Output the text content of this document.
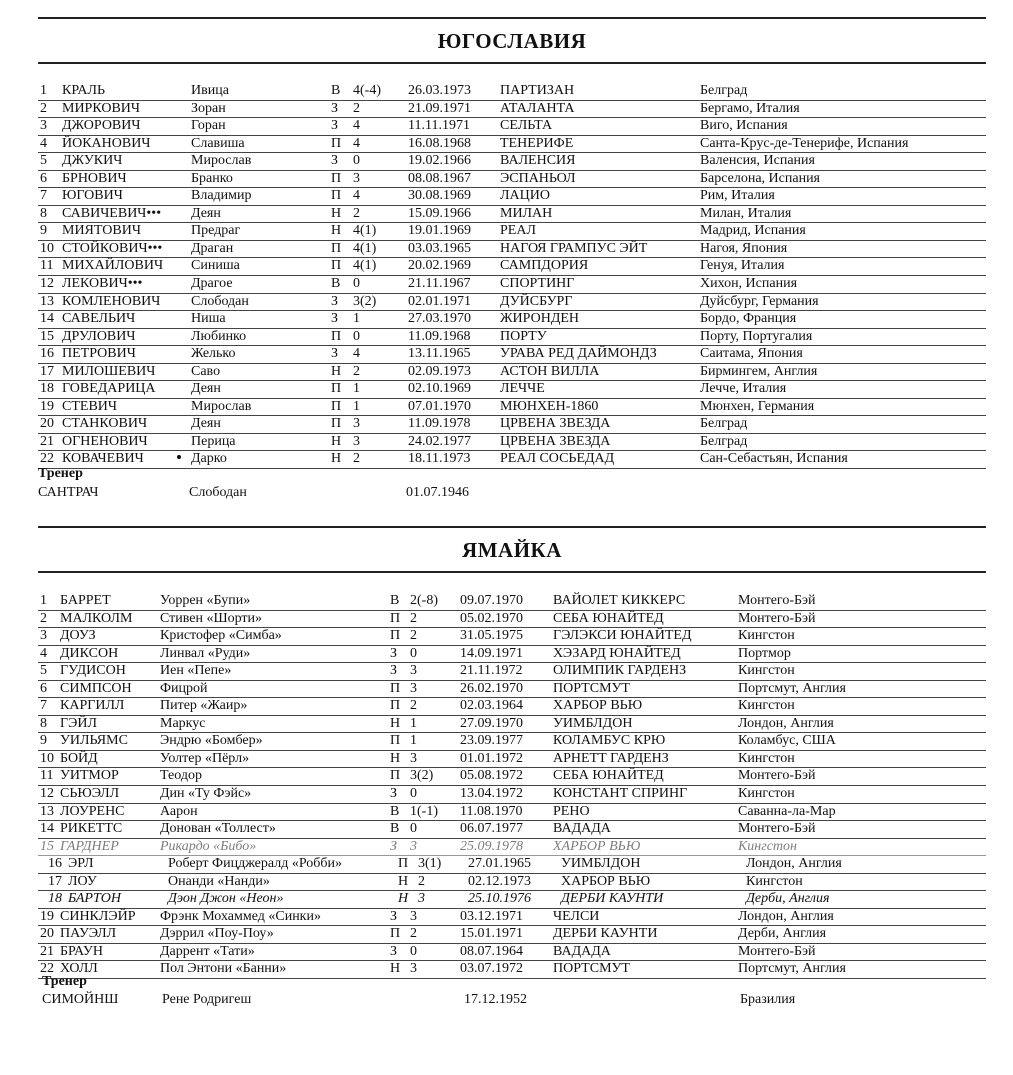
ЮГОСЛАВИЯ
1 КРАЛЬ	Ивица	В 4(-4) 26.03.1973 ПАРТИЗАН	Белград
2 МИРКОВИЧ	Зоран	З 2	21.09.1971 АТАЛАНТА	Бергамо, Италия
3 ДЖОРОВИЧ	Горан	З 4	11.11.1971 СЕЛЬТА	Виго, Испания
4 ЙОКАНОВИЧ	Славиша	П 4	16.08.1968 ТЕНЕРИФЕ	Санта-Крус-де-Тенерифе, Испания
5 ДЖУКИЧ	Мирослав	З 0	19.02.1966 ВАЛЕНСИЯ	Валенсия, Испания
6 БРНОВИЧ	Бранко	П 3	08.08.1967 ЭСПАНЬОЛ	Барселона, Испания
7 ЮГОВИЧ	Владимир	П 4	30.08.1969 ЛАЦИО	Рим, Италия
8 САВИЧЕВИЧ••• Деян	Н 2	15.09.1966 МИЛАН	Милан, Италия
9 МИЯТОВИЧ	Предраг	Н 4(1) 19.01.1969 РЕАЛ	Мадрид, Испания
10 СТОЙКОВИЧ••• Драган	П 4(1) 03.03.1965 НАГОЯ ГРАМПУС ЭЙТ	Нагоя, Япония
11 МИХАЙЛОВИЧ Синиша	П 4(1) 20.02.1969 САМПДОРИЯ	Генуя, Италия
12 ЛЕКОВИЧ•••	Драгое	В 0	21.11.1967 СПОРТИНГ	Хихон, Испания
13 КОМЛЕНОВИЧ Слободан	З 3(2) 02.01.1971 ДУЙСБУРГ	Дуйсбург, Германия
14 САВЕЛЬИЧ	Ниша	З 1	27.03.1970 ЖИРОНДЕН	Бордо, Франция
15 ДРУЛОВИЧ	Любинко	П 0	11.09.1968 ПОРТУ	Порту, Португалия
16 ПЕТРОВИЧ	Желько	З 4	13.11.1965 УРАВА РЕД ДАЙМОНДЗ	Саитама, Япония
17 МИЛОШЕВИЧ	Саво	Н 2	02.09.1973 АСТОН ВИЛЛА	Бирмингем, Англия
18 ГОВЕДАРИЦА	Деян	П 1	02.10.1969 ЛЕЧЧЕ	Лечче, Италия
19 СТЕВИЧ	Мирослав	П 1	07.01.1970 МЮНХЕН-1860	Мюнхен, Германия
20 СТАНКОВИЧ	Деян	П 3	11.09.1978 ЦРВЕНА ЗВЕЗДА	Белград
21 ОГНЕНОВИЧ	Перица	Н 3	24.02.1977 ЦРВЕНА ЗВЕЗДА	Белград
22 КОВАЧЕВИЧ	Дарко	Н 2	18.11.1973 РЕАЛ СОСЬЕДАД	Сан-Себастьян, Испания
Тренер
САНТРАЧ	Слободан	01.07.1946
ЯМАЙКА
1 БАРРЕТ	Уоррен «Бупи»	В 2(-8) 09.07.1970 ВАЙОЛЕТ КИККЕРС	Монтего-Бэй
2 МАЛКОЛМ Стивен «Шорти»	П 2	05.02.1970 СЕБА ЮНАЙТЕД	Монтего-Бэй
3 ДОУЗ	Кристофер «Симба»	П 2	31.05.1975 ГЭЛЭКСИ ЮНАЙТЕД	Кингстон
4 ДИКСОН	Линвал «Руди»	З 0	14.09.1971 ХЭЗАРД ЮНАЙТЕД	Портмор
5 ГУДИСОН Иен «Пепе»	З 3	21.11.1972 ОЛИМПИК ГАРДЕНЗ	Кингстон
6 СИМПСОН Фицрой	П 3	26.02.1970 ПОРТСМУТ	Портсмут, Англия
7 КАРГИЛЛ	Питер «Жаир»	П 2	02.03.1964 ХАРБОР ВЬЮ	Кингстон
8 ГЭЙЛ	Маркус	Н 1	27.09.1970 УИМБЛДОН	Лондон, Англия
9 УИЛЬЯМС Эндрю «Бомбер»	П 1	23.09.1977 КОЛАМБУС КРЮ	Коламбус, США
10 БОЙД	Уолтер «Пёрл»	Н 3	01.01.1972 АРНЕТТ ГАРДЕНЗ	Кингстон
11 УИТМОР	Теодор	П 3(2) 05.08.1972 СЕБА ЮНАЙТЕД	Монтего-Бэй
12 СЬЮЭЛЛ	Дин «Ту Фэйс»	З 0	13.04.1972 КОНСТАНТ СПРИНГ	Кингстон
13 ЛОУРЕНС	Аарон	В 1(-1) 11.08.1970 РЕНО	Саванна-ла-Мар
14 РИКЕТТС	Донован «Толлест»	В 0	06.07.1977 ВАДАДА	Монтего-Бэй
15 ГАРДНЕР	Рикардо «Бибо»	З 3	25.09.1978 ХАРБОР ВЬЮ	Кингстон
16 ЭРЛ	Роберт Фицджералд «Робби»	П 3(1) 27.01.1965 УИМБЛДОН	Лондон, Англия
17 ЛОУ	Онанди «Нанди»	Н 2	02.12.1973 ХАРБОР ВЬЮ	Кингстон
18 БАРТОН	Дэон Джон «Неон»	Н 3	25.10.1976 ДЕРБИ КАУНТИ	Дерби, Англия
19 СИНКЛЭЙР Фрэнк Мохаммед «Синки»	З 3	03.12.1971 ЧЕЛСИ	Лондон, Англия
20 ПАУЭЛЛ	Дэррил «Поу-Поу»	П 2	15.01.1971 ДЕРБИ КАУНТИ	Дерби, Англия
21 БРАУН	Даррент «Тати»	З 0	08.07.1964 ВАДАДА	Монтего-Бэй
22 ХОЛЛ	Пол Энтони «Банни»	Н 3	03.07.1972 ПОРТСМУТ	Портсмут, Англия
Тренер
СИМОЙНШ	Рене Родригеш	17.12.1952	Бразилия
